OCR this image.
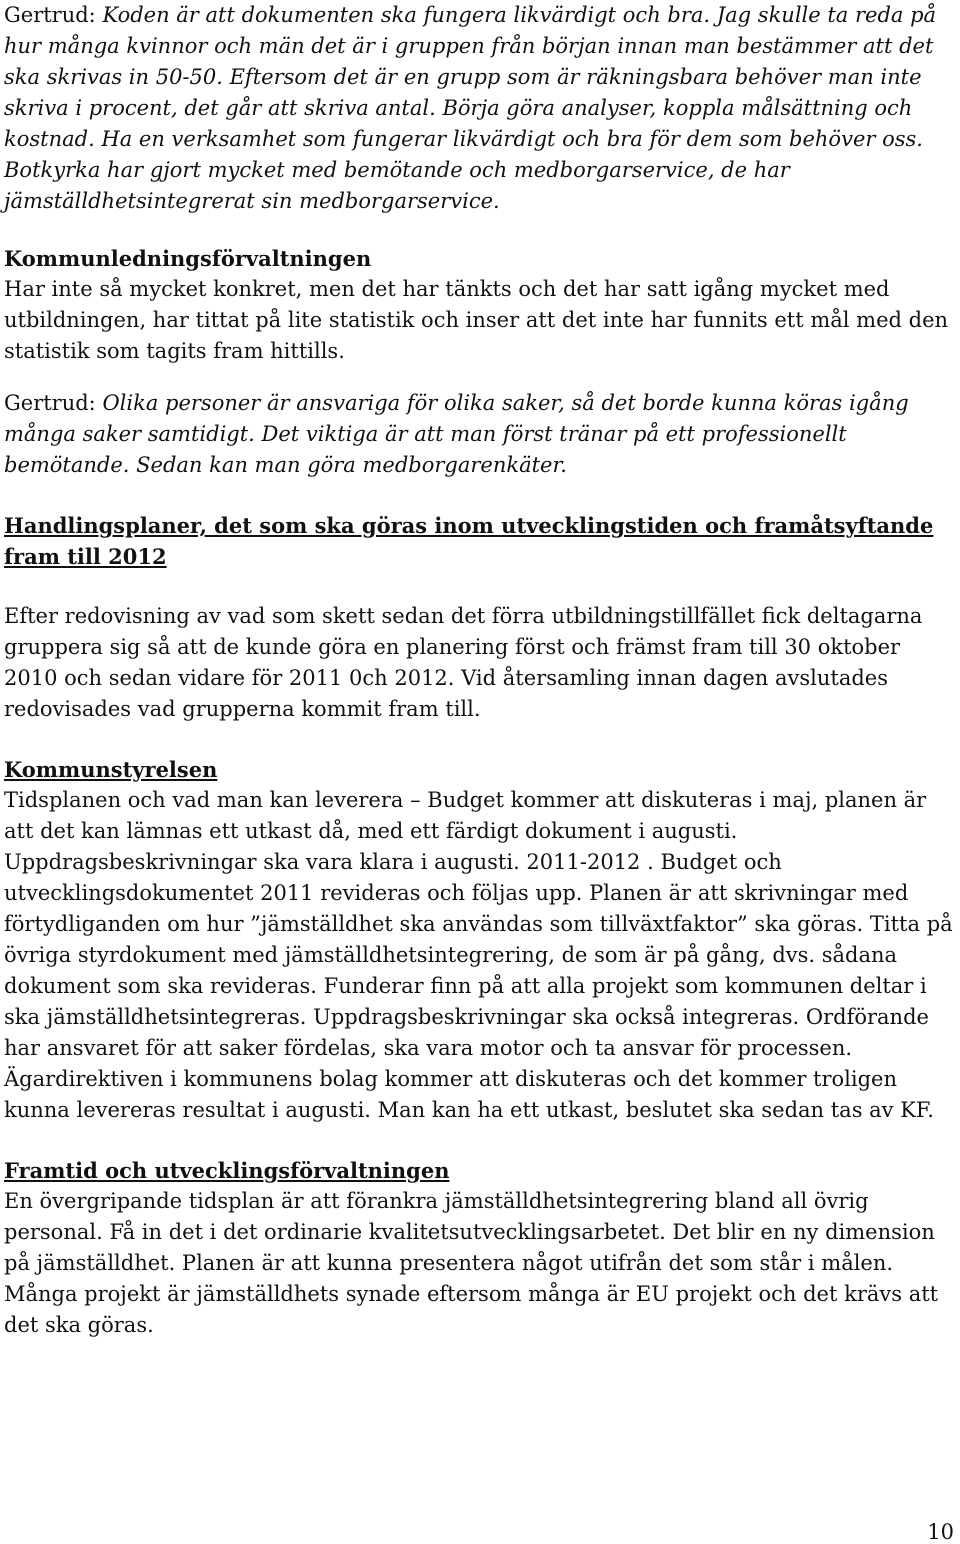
Gertrud: Koden är att dokumenten ska fungera likvärdigt och bra. Jag skulle ta reda på hur många kvinnor och män det är i gruppen från början innan man bestämmer att det ska skrivas in 50-50. Eftersom det är en grupp som är räkningsbara behöver man inte skriva i procent, det går att skriva antal. Börja göra analyser, koppla målsättning och kostnad. Ha en verksamhet som fungerar likvärdigt och bra för dem som behöver oss. Botkyrka har gjort mycket med bemötande och medborgarservice, de har jämställdhetsintegrerat sin medborgarservice.

Kommunledningsförvaltningen

Har inte så mycket konkret, men det har tänkts och det har satt igång mycket med utbildningen, har tittat på lite statistik och inser att det inte har funnits ett mål med den statistik som tagits fram hittills.

Gertrud: Olika personer är ansvariga för olika saker, så det borde kunna köras igång många saker samtidigt. Det viktiga är att man först tränar på ett professionellt bemötande. Sedan kan man göra medborgarenkäter.

Handlingsplaner, det som ska göras inom utvecklingstiden och framåtsyftande fram till 2012

Efter redovisning av vad som skett sedan det förra utbildningstillfället fick deltagarna gruppera sig så att de kunde göra en planering först och främst fram till 30 oktober 2010 och sedan vidare för 2011 0ch 2012. Vid återsamling innan dagen avslutades redovisades vad grupperna kommit fram till.

Kommunstyrelsen

Tidsplanen och vad man kan leverera – Budget kommer att diskuteras i maj, planen är att det kan lämnas ett utkast då, med ett färdigt dokument i augusti. Uppdragsbeskrivningar ska vara klara i augusti. 2011-2012 . Budget och utvecklingsdokumentet 2011 revideras och följas upp. Planen är att skrivningar med förtydliganden om hur ”jämställdhet ska användas som tillväxtfaktor” ska göras. Titta på övriga styrdokument med jämställdhetsintegrering, de som är på gång, dvs. sådana dokument som ska revideras. Funderar finn på att alla projekt som kommunen deltar i ska jämställdhetsintegreras. Uppdragsbeskrivningar ska också integreras. Ordförande har ansvaret för att saker fördelas, ska vara motor och ta ansvar för processen. Ägardirektiven i kommunens bolag kommer att diskuteras och det kommer troligen kunna levereras resultat i augusti. Man kan ha ett utkast, beslutet ska sedan tas av KF.

Framtid och utvecklingsförvaltningen

En övergripande tidsplan är att förankra jämställdhetsintegrering bland all övrig personal. Få in det i det ordinarie kvalitetsutvecklingsarbetet. Det blir en ny dimension på jämställdhet. Planen är att kunna presentera något utifrån det som står i målen. Många projekt är jämställdhets synade eftersom många är EU projekt och det krävs att det ska göras.

10
